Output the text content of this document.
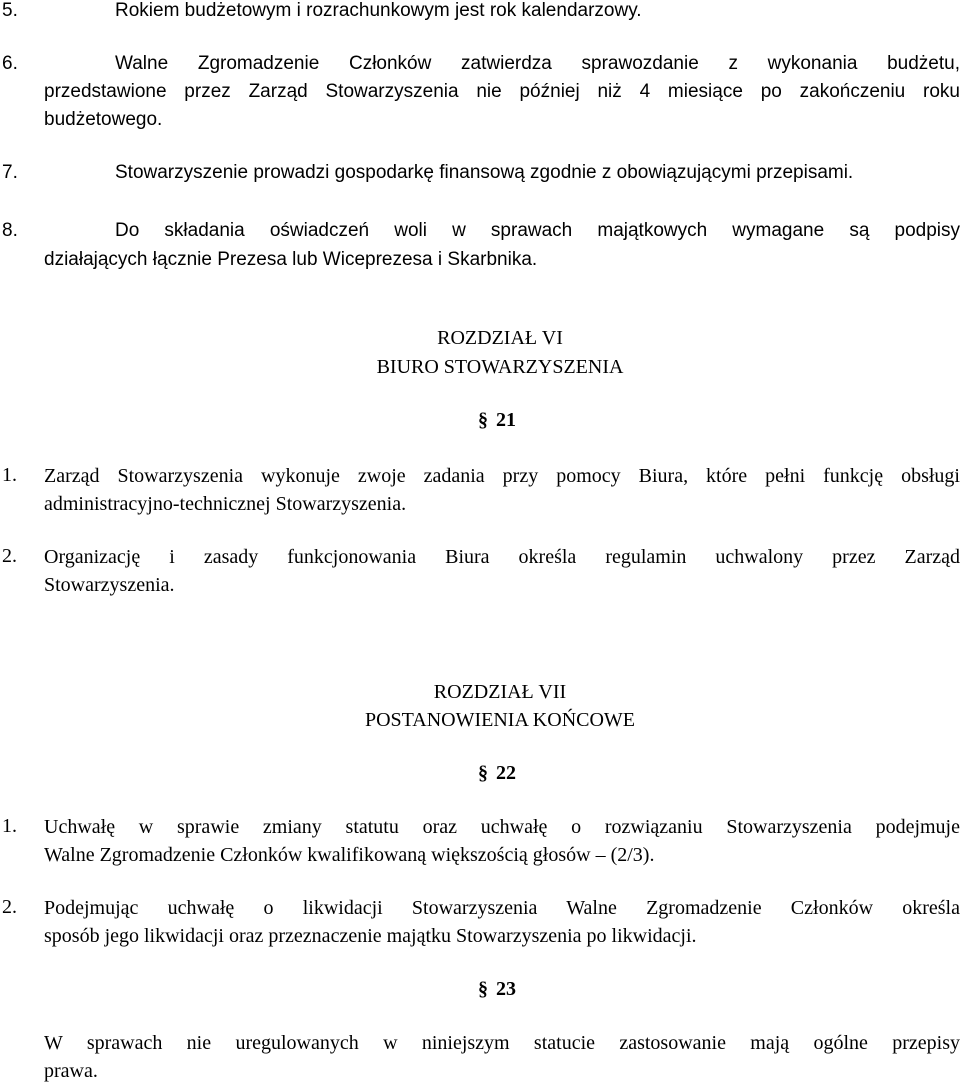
5.	Rokiem budżetowym i rozrachunkowym jest rok kalendarzowy.
6.	Walne Zgromadzenie Członków zatwierdza sprawozdanie z wykonania budżetu,
przedstawione przez Zarząd Stowarzyszenia nie później niż 4 miesiące po zakończeniu roku
budżetowego.
7.	Stowarzyszenie prowadzi gospodarkę finansową zgodnie z obowiązującymi przepisami.
8.	Do składania oświadczeń woli w sprawach majątkowych wymagane są podpisy
działających łącznie Prezesa lub Wiceprezesa i Skarbnika.
ROZDZIAŁ VI
BIURO STOWARZYSZENIA
§ 21
1. Zarząd Stowarzyszenia wykonuje zwoje zadania przy pomocy Biura, które pełni funkcję obsługi
administracyjno-technicznej Stowarzyszenia.
2. Organizację i zasady funkcjonowania Biura określa regulamin uchwalony przez Zarząd
Stowarzyszenia.
ROZDZIAŁ VII
POSTANOWIENIA KOŃCOWE
§ 22
1. Uchwałę w sprawie zmiany statutu oraz uchwałę o rozwiązaniu Stowarzyszenia podejmuje
Walne Zgromadzenie Członków kwalifikowaną większością głosów – (2/3).
2. Podejmując uchwałę o likwidacji Stowarzyszenia Walne Zgromadzenie Członków określa
sposób jego likwidacji oraz przeznaczenie majątku Stowarzyszenia po likwidacji.
§ 23
W sprawach nie uregulowanych w niniejszym statucie zastosowanie mają ogólne przepisy
prawa.
